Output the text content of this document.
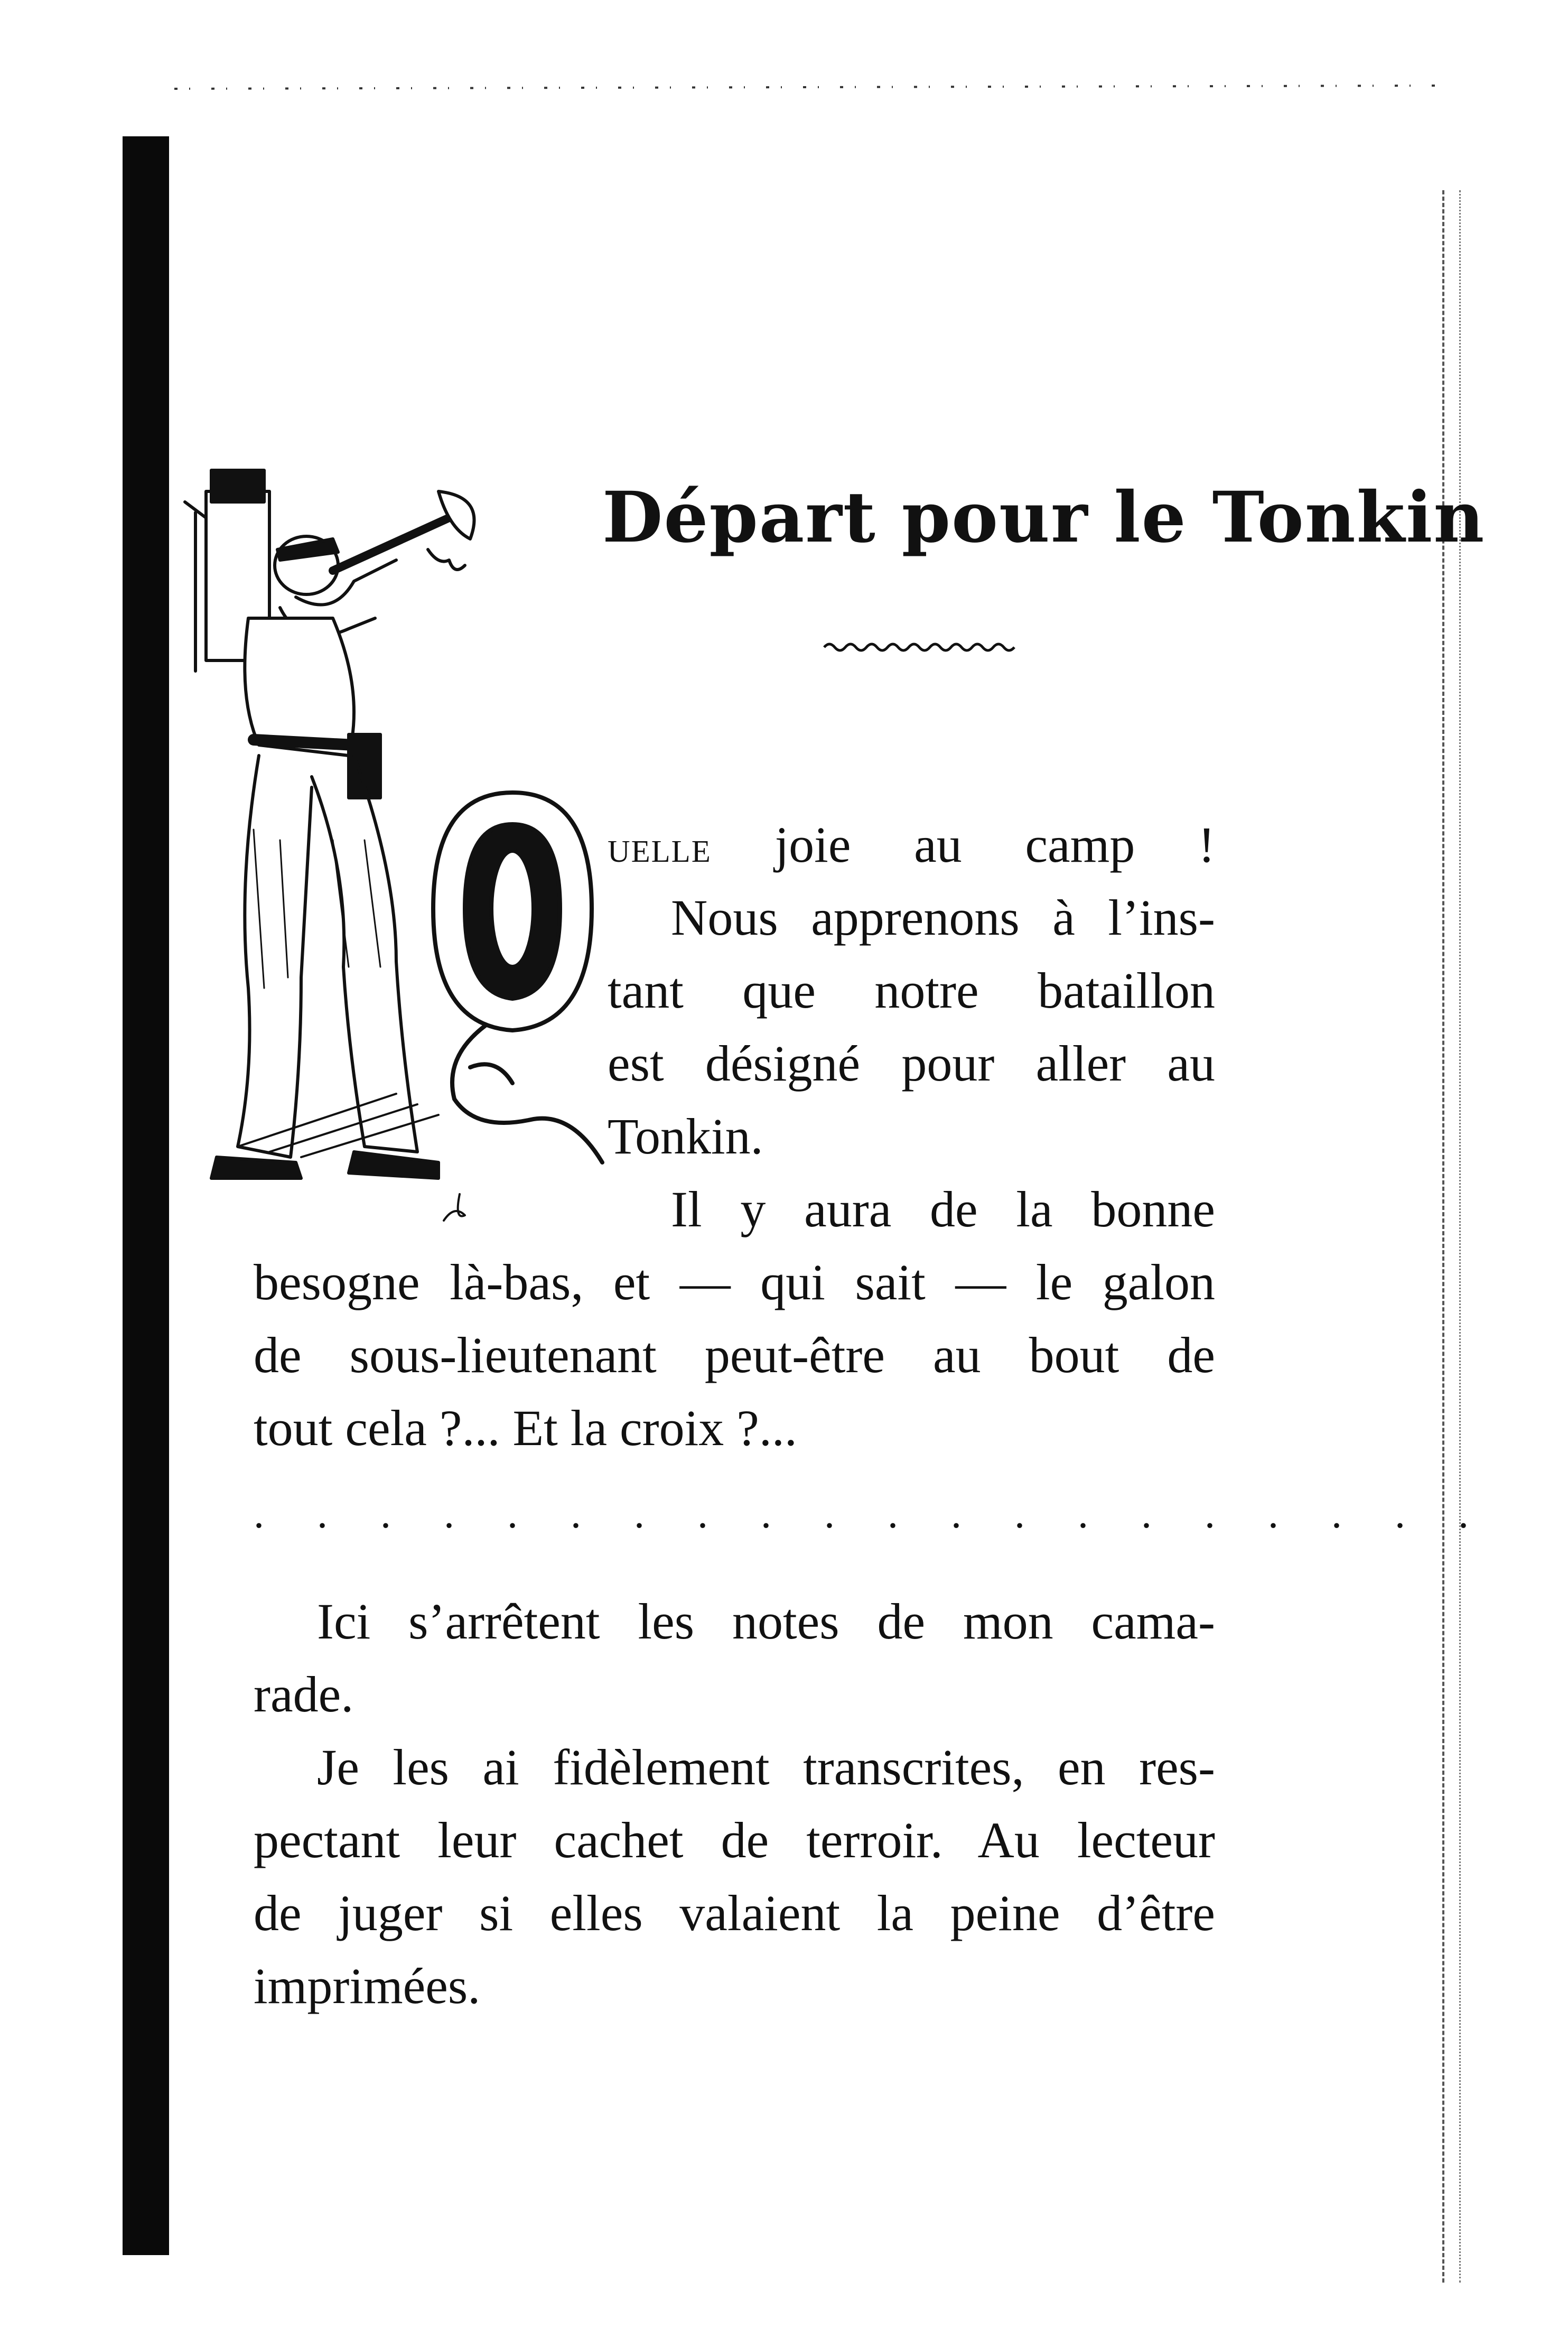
Départ pour le Tonkin
uelle joie au camp !
Nous apprenons à l’ins-
tant que notre bataillon
est désigné pour aller au
Tonkin.
Il y aura de la bonne
besogne là-bas, et — qui sait — le galon
de sous-lieutenant peut-être au bout de
tout cela ?... Et la croix ?...
. . . . . . . . . . . . . . . . . . . .
Ici s’arrêtent les notes de mon cama-
rade.
Je les ai fidèlement transcrites, en res-
pectant leur cachet de terroir. Au lecteur
de juger si elles valaient la peine d’être
imprimées.
